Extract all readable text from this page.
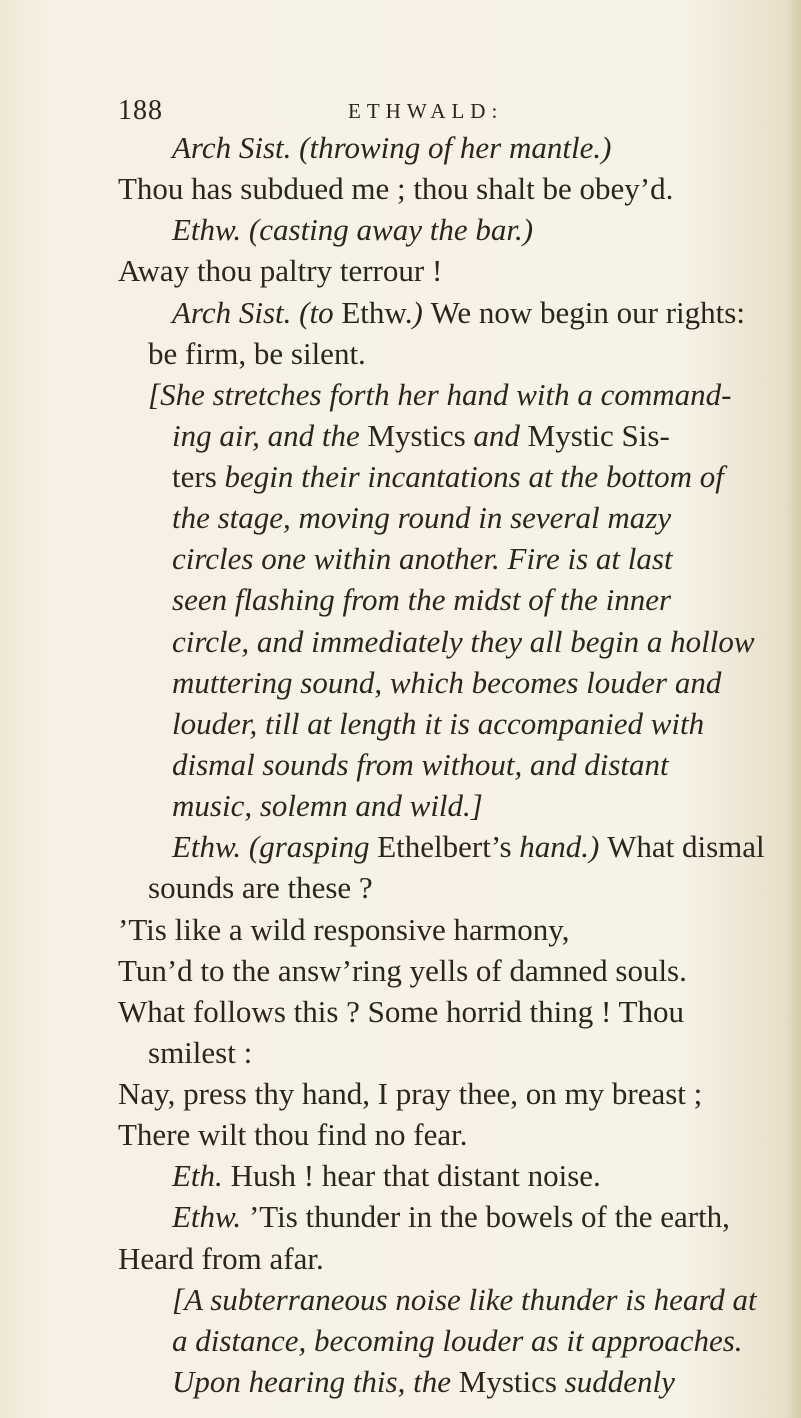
188	ETHWALD:
Arch Sist. (throwing of her mantle.)
Thou has subdued me ; thou shalt be obey’d.
Ethw. (casting away the bar.)
Away thou paltry terrour !
Arch Sist. (to Ethw.) We now begin our rights:
be firm, be silent.
[She stretches forth her hand with a command-
ing air, and the Mystics and Mystic Sis-
ters begin their incantations at the bottom of
the stage, moving round in several mazy
circles one within another. Fire is at last
seen flashing from the midst of the inner
circle, and immediately they all begin a hollow
muttering sound, which becomes louder and
louder, till at length it is accompanied with
dismal sounds from without, and distant
music, solemn and wild.]
Ethw. (grasping Ethelbert’s hand.) What dismal
sounds are these ?
’Tis like a wild responsive harmony,
Tun’d to the answ’ring yells of damned souls.
What follows this ? Some horrid thing ! Thou
smilest :
Nay, press thy hand, I pray thee, on my breast ;
There wilt thou find no fear.
Eth. Hush ! hear that distant noise.
Ethw. ’Tis thunder in the bowels of the earth,
Heard from afar.
[A subterraneous noise like thunder is heard at
a distance, becoming louder as it approaches.
Upon hearing this, the Mystics suddenly
